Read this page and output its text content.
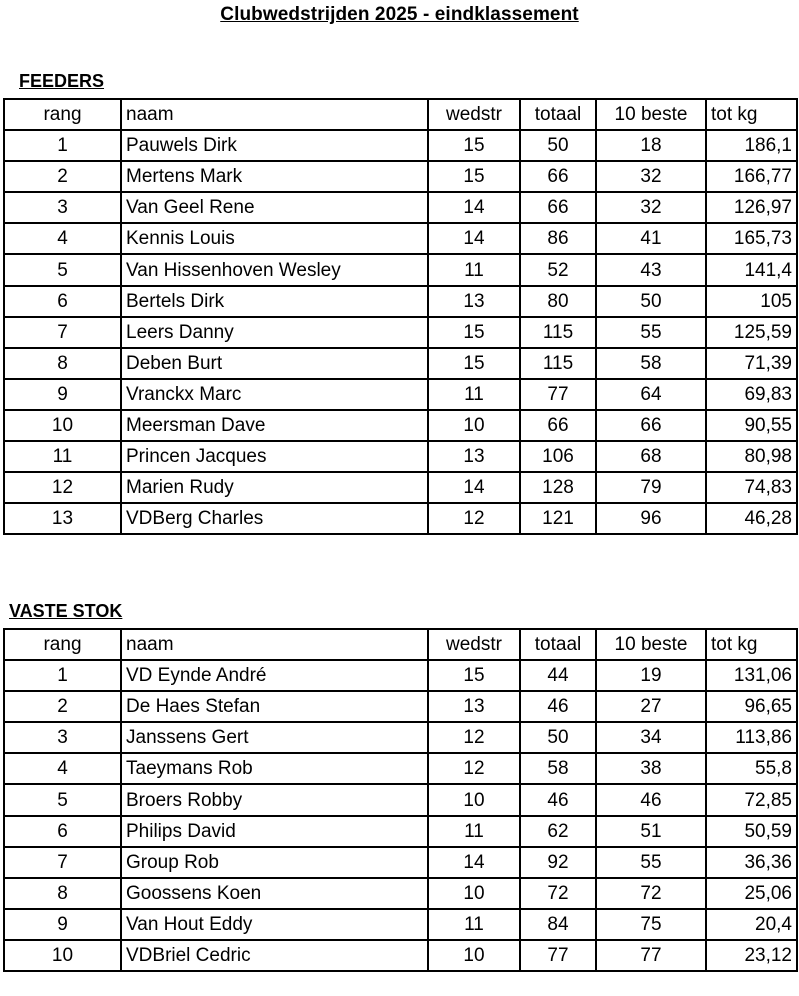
Clubwedstrijden 2025 - eindklassement
FEEDERS
rang	naam	wedstr	totaal	10 beste	tot kg
1	Pauwels Dirk	15	50	18	186,1
2	Mertens Mark	15	66	32	166,77
3	Van Geel Rene	14	66	32	126,97
4	Kennis Louis	14	86	41	165,73
5	Van Hissenhoven Wesley	11	52	43	141,4
6	Bertels Dirk	13	80	50	105
7	Leers Danny	15	115	55	125,59
8	Deben Burt	15	115	58	71,39
9	Vranckx Marc	11	77	64	69,83
10	Meersman Dave	10	66	66	90,55
11	Princen Jacques	13	106	68	80,98
12	Marien Rudy	14	128	79	74,83
13	VDBerg Charles	12	121	96	46,28
VASTE STOK
rang	naam	wedstr	totaal	10 beste	tot kg
1	VD Eynde André	15	44	19	131,06
2	De Haes Stefan	13	46	27	96,65
3	Janssens Gert	12	50	34	113,86
4	Taeymans Rob	12	58	38	55,8
5	Broers Robby	10	46	46	72,85
6	Philips David	11	62	51	50,59
7	Group Rob	14	92	55	36,36
8	Goossens Koen	10	72	72	25,06
9	Van Hout Eddy	11	84	75	20,4
10	VDBriel Cedric	10	77	77	23,12
